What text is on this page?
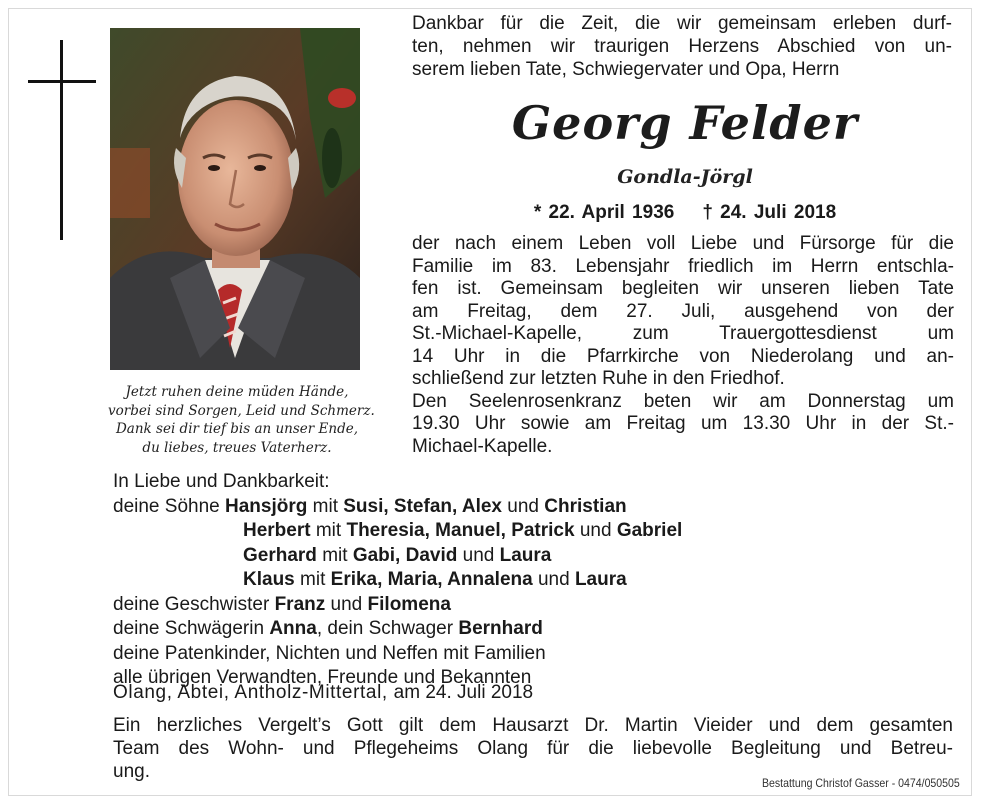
Jetzt ruhen deine müden Hände,
vorbei sind Sorgen, Leid und Schmerz.
Dank sei dir tief bis an unser Ende,
du liebes, treues Vaterherz.
Dankbar für die Zeit, die wir gemeinsam erleben durf-
ten, nehmen wir traurigen Herzens Abschied von un-
serem lieben Tate, Schwiegervater und Opa, Herrn
Georg Felder
Gondla-Jörgl
* 22. April 1936 † 24. Juli 2018
der nach einem Leben voll Liebe und Fürsorge für die
Familie im 83. Lebensjahr friedlich im Herrn entschla-
fen ist. Gemeinsam begleiten wir unseren lieben Tate
am Freitag, dem 27. Juli, ausgehend von der
St.-Michael-Kapelle, zum Trauergottesdienst um
14 Uhr in die Pfarrkirche von Niederolang und an-
schließend zur letzten Ruhe in den Friedhof.
Den Seelenrosenkranz beten wir am Donnerstag um
19.30 Uhr sowie am Freitag um 13.30 Uhr in der St.-
Michael-Kapelle.
In Liebe und Dankbarkeit:
deine Söhne Hansjörg mit Susi, Stefan, Alex und Christian
Herbert mit Theresia, Manuel, Patrick und Gabriel
Gerhard mit Gabi, David und Laura
Klaus mit Erika, Maria, Annalena und Laura
deine Geschwister Franz und Filomena
deine Schwägerin Anna, dein Schwager Bernhard
deine Patenkinder, Nichten und Neffen mit Familien
alle übrigen Verwandten, Freunde und Bekannten
Olang, Abtei, Antholz-Mittertal, am 24. Juli 2018
Ein herzliches Vergelt’s Gott gilt dem Hausarzt Dr. Martin Vieider und dem gesamten
Team des Wohn- und Pflegeheims Olang für die liebevolle Begleitung und Betreu-
ung.
Bestattung Christof Gasser - 0474/050505
